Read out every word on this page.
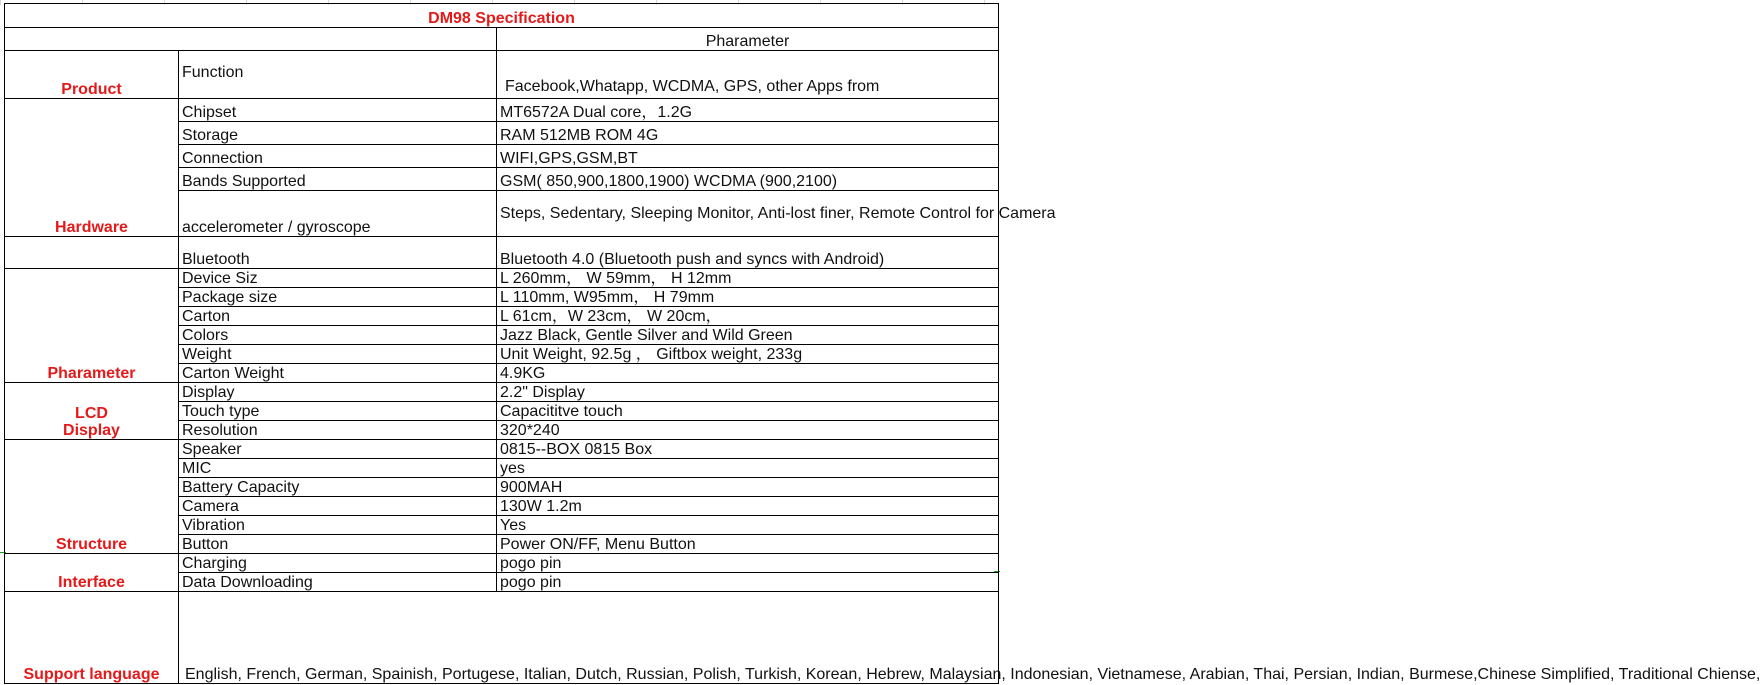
DM98 Specification		
		Pharameter
Product	Function	Facebook,Whatapp, WCDMA, GPS, other Apps from
Hardware	Chipset	MT6572A Dual core，1.2G
	Storage	RAM 512MB ROM 4G
	Connection	WIFI,GPS,GSM,BT
	Bands Supported	GSM( 850,900,1800,1900) WCDMA (900,2100)
	accelerometer / gyroscope	Steps, Sedentary, Sleeping Monitor, Anti-lost finer, Remote Control for Camera
	Bluetooth	Bluetooth 4.0 (Bluetooth push and syncs with Android)
Pharameter	Device Siz	L 260mm， W 59mm， H 12mm
	Package size	L 110mm, W95mm， H 79mm
	Carton	L 61cm，W 23cm， W 20cm，
	Colors	Jazz Black, Gentle Silver and Wild Green
	Weight	Unit Weight, 92.5g ， Giftbox weight, 233g
	Carton Weight	4.9KG

LCD
Display	Display	2.2" Display
	Touch type	Capacititve touch
	Resolution	320*240
Structure	Speaker	0815--BOX 0815 Box
	MIC	yes
	Battery Capacity	900MAH
	Camera	130W 1.2m
	Vibration	Yes
	Button	Power ON/FF, Menu Button
Interface	Charging	pogo pin
	Data Downloading	pogo pin
Support language	English, French, German, Spainish, Portugese, Italian, Dutch, Russian, Polish, Turkish, Korean, Hebrew, Malaysian, Indonesian, Vietnamese, Arabian, Thai, Persian, Indian, Burmese,Chinese Simplified, Traditional Chiense,	
